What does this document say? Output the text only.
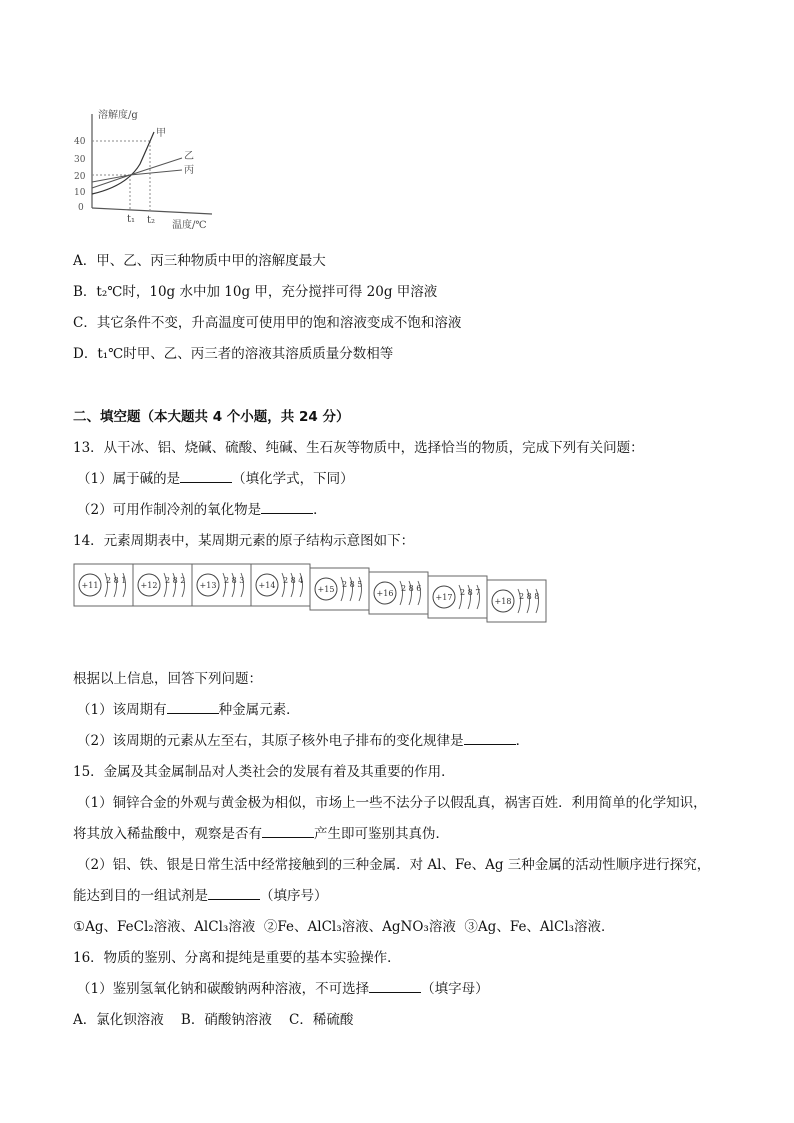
溶解度/g
40
30
20
10
0
甲
乙
丙
t₁ t₂ 温度/℃
A．甲、乙、丙三种物质中甲的溶解度最大
B．t₂℃时，10g 水中加 10g 甲，充分搅拌可得 20g 甲溶液
C．其它条件不变，升高温度可使用甲的饱和溶液变成不饱和溶液
D．t₁℃时甲、乙、丙三者的溶液其溶质质量分数相等
二、填空题（本大题共 4 个小题，共 24 分）
13．从干冰、铝、烧碱、硫酸、纯碱、生石灰等物质中，选择恰当的物质，完成下列有关问题：
（1）属于碱的是	（填化学式，下同）
（2）可用作制冷剂的氧化物是	．
14．元素周期表中，某周期元素的原子结构示意图如下：
+11
2 8 1
+12
2 8 2
+13
2 8 3
+14
2 8 4
+15
2 8 5
+16
2 8 6
+17
2 8 7
+18
2 8 8
根据以上信息，回答下列问题：
（1）该周期有	种金属元素．
（2）该周期的元素从左至右，其原子核外电子排布的变化规律是	．
15．金属及其金属制品对人类社会的发展有着及其重要的作用．
（1）铜锌合金的外观与黄金极为相似，市场上一些不法分子以假乱真，祸害百姓．利用简单的化学知识，
将其放入稀盐酸中，观察是否有	产生即可鉴别其真伪．
（2）铝、铁、银是日常生活中经常接触到的三种金属．对 Al、Fe、Ag 三种金属的活动性顺序进行探究，
能达到目的一组试剂是	（填序号）
①Ag、FeCl₂溶液、AlCl₃溶液 ②Fe、AlCl₃溶液、AgNO₃溶液 ③Ag、Fe、AlCl₃溶液．
16．物质的鉴别、分离和提纯是重要的基本实验操作．
（1）鉴别氢氧化钠和碳酸钠两种溶液，不可选择	（填字母）
A．氯化钡溶液    B．硝酸钠溶液    C．稀硫酸
